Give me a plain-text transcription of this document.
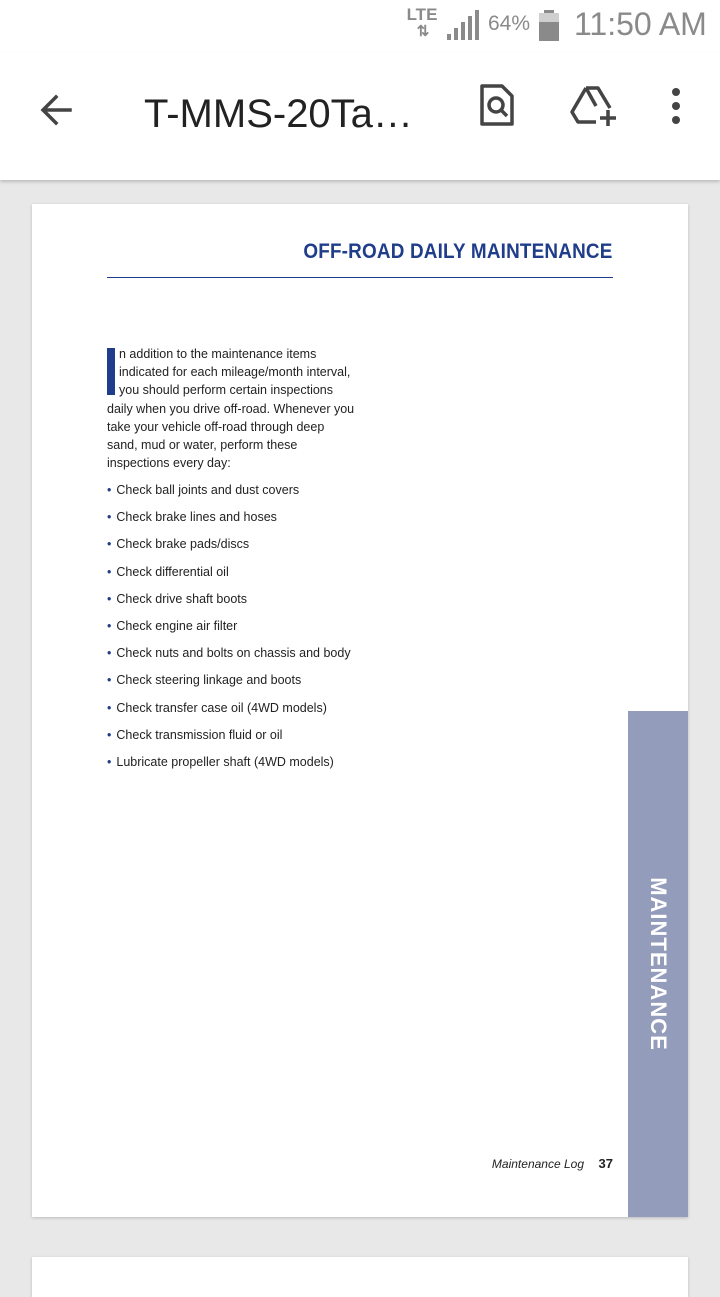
LTE
⇅	64% 11:50 AM
T-MMS-20Ta…
OFF-ROAD DAILY MAINTENANCE
n addition to the maintenance items indicated for each mileage/month interval, you should perform certain inspections daily when you drive off-road. Whenever you take your vehicle off-road through deep sand, mud or water, perform these inspections every day:
• Check ball joints and dust covers
• Check brake lines and hoses
• Check brake pads/discs
• Check differential oil
• Check drive shaft boots
• Check engine air filter
• Check nuts and bolts on chassis and body
• Check steering linkage and boots
• Check transfer case oil (4WD models)
• Check transmission fluid or oil
• Lubricate propeller shaft (4WD models)
MAINTENANCE
Maintenance Log 37
